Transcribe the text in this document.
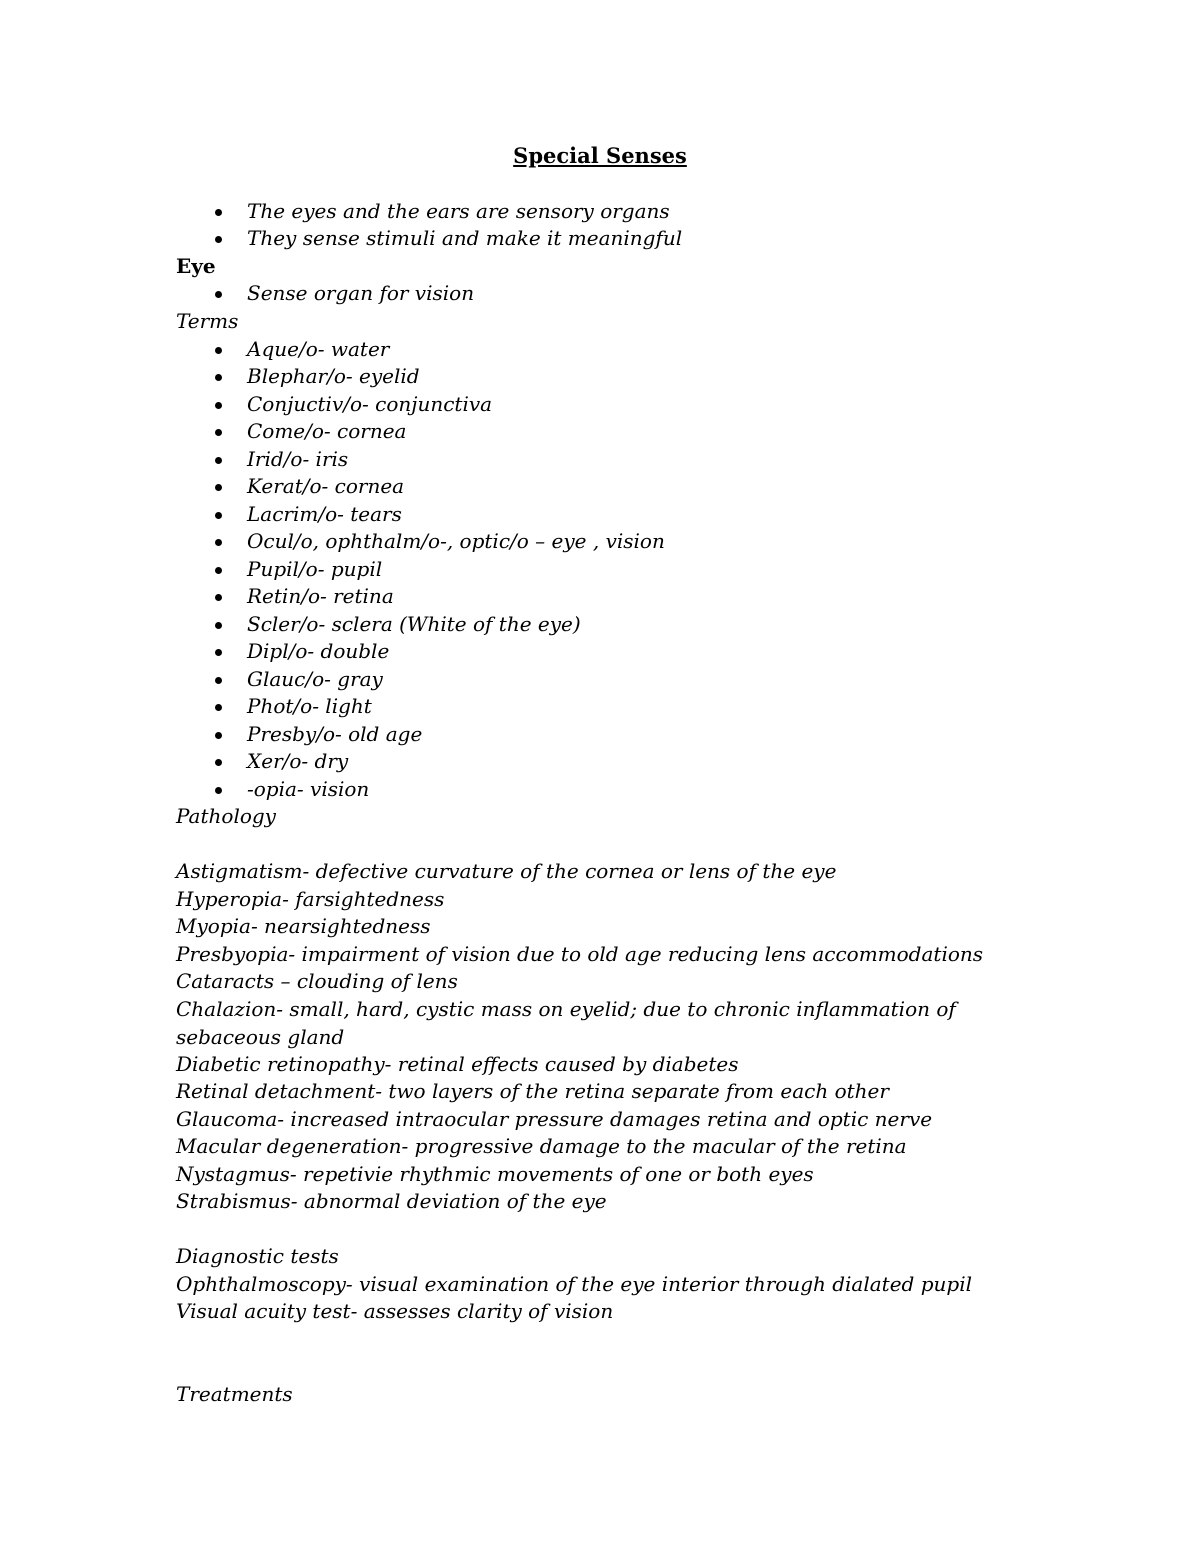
Special Senses
The eyes and the ears are sensory organs
They sense stimuli and make it meaningful
Eye
Sense organ for vision
Terms
Aque/o- water
Blephar/o- eyelid
Conjuctiv/o- conjunctiva
Come/o- cornea
Irid/o- iris
Kerat/o- cornea
Lacrim/o- tears
Ocul/o, ophthalm/o-, optic/o – eye , vision
Pupil/o- pupil
Retin/o- retina
Scler/o- sclera (White of the eye)
Dipl/o- double
Glauc/o- gray
Phot/o- light
Presby/o- old age
Xer/o- dry
-opia- vision
Pathology
Astigmatism- defective curvature of the cornea or lens of the eye
Hyperopia- farsightedness
Myopia- nearsightedness
Presbyopia- impairment of vision due to old age reducing lens accommodations
Cataracts – clouding of lens
Chalazion- small, hard, cystic mass on eyelid; due to chronic inflammation of sebaceous gland
Diabetic retinopathy- retinal effects caused by diabetes
Retinal detachment- two layers of the retina separate from each other
Glaucoma- increased intraocular pressure damages retina and optic nerve
Macular degeneration- progressive damage to the macular of the retina
Nystagmus- repetivie rhythmic movements of one or both eyes
Strabismus- abnormal deviation of the eye
Diagnostic tests
Ophthalmoscopy- visual examination of the eye interior through dialated pupil
Visual acuity test- assesses clarity of vision
Treatments
